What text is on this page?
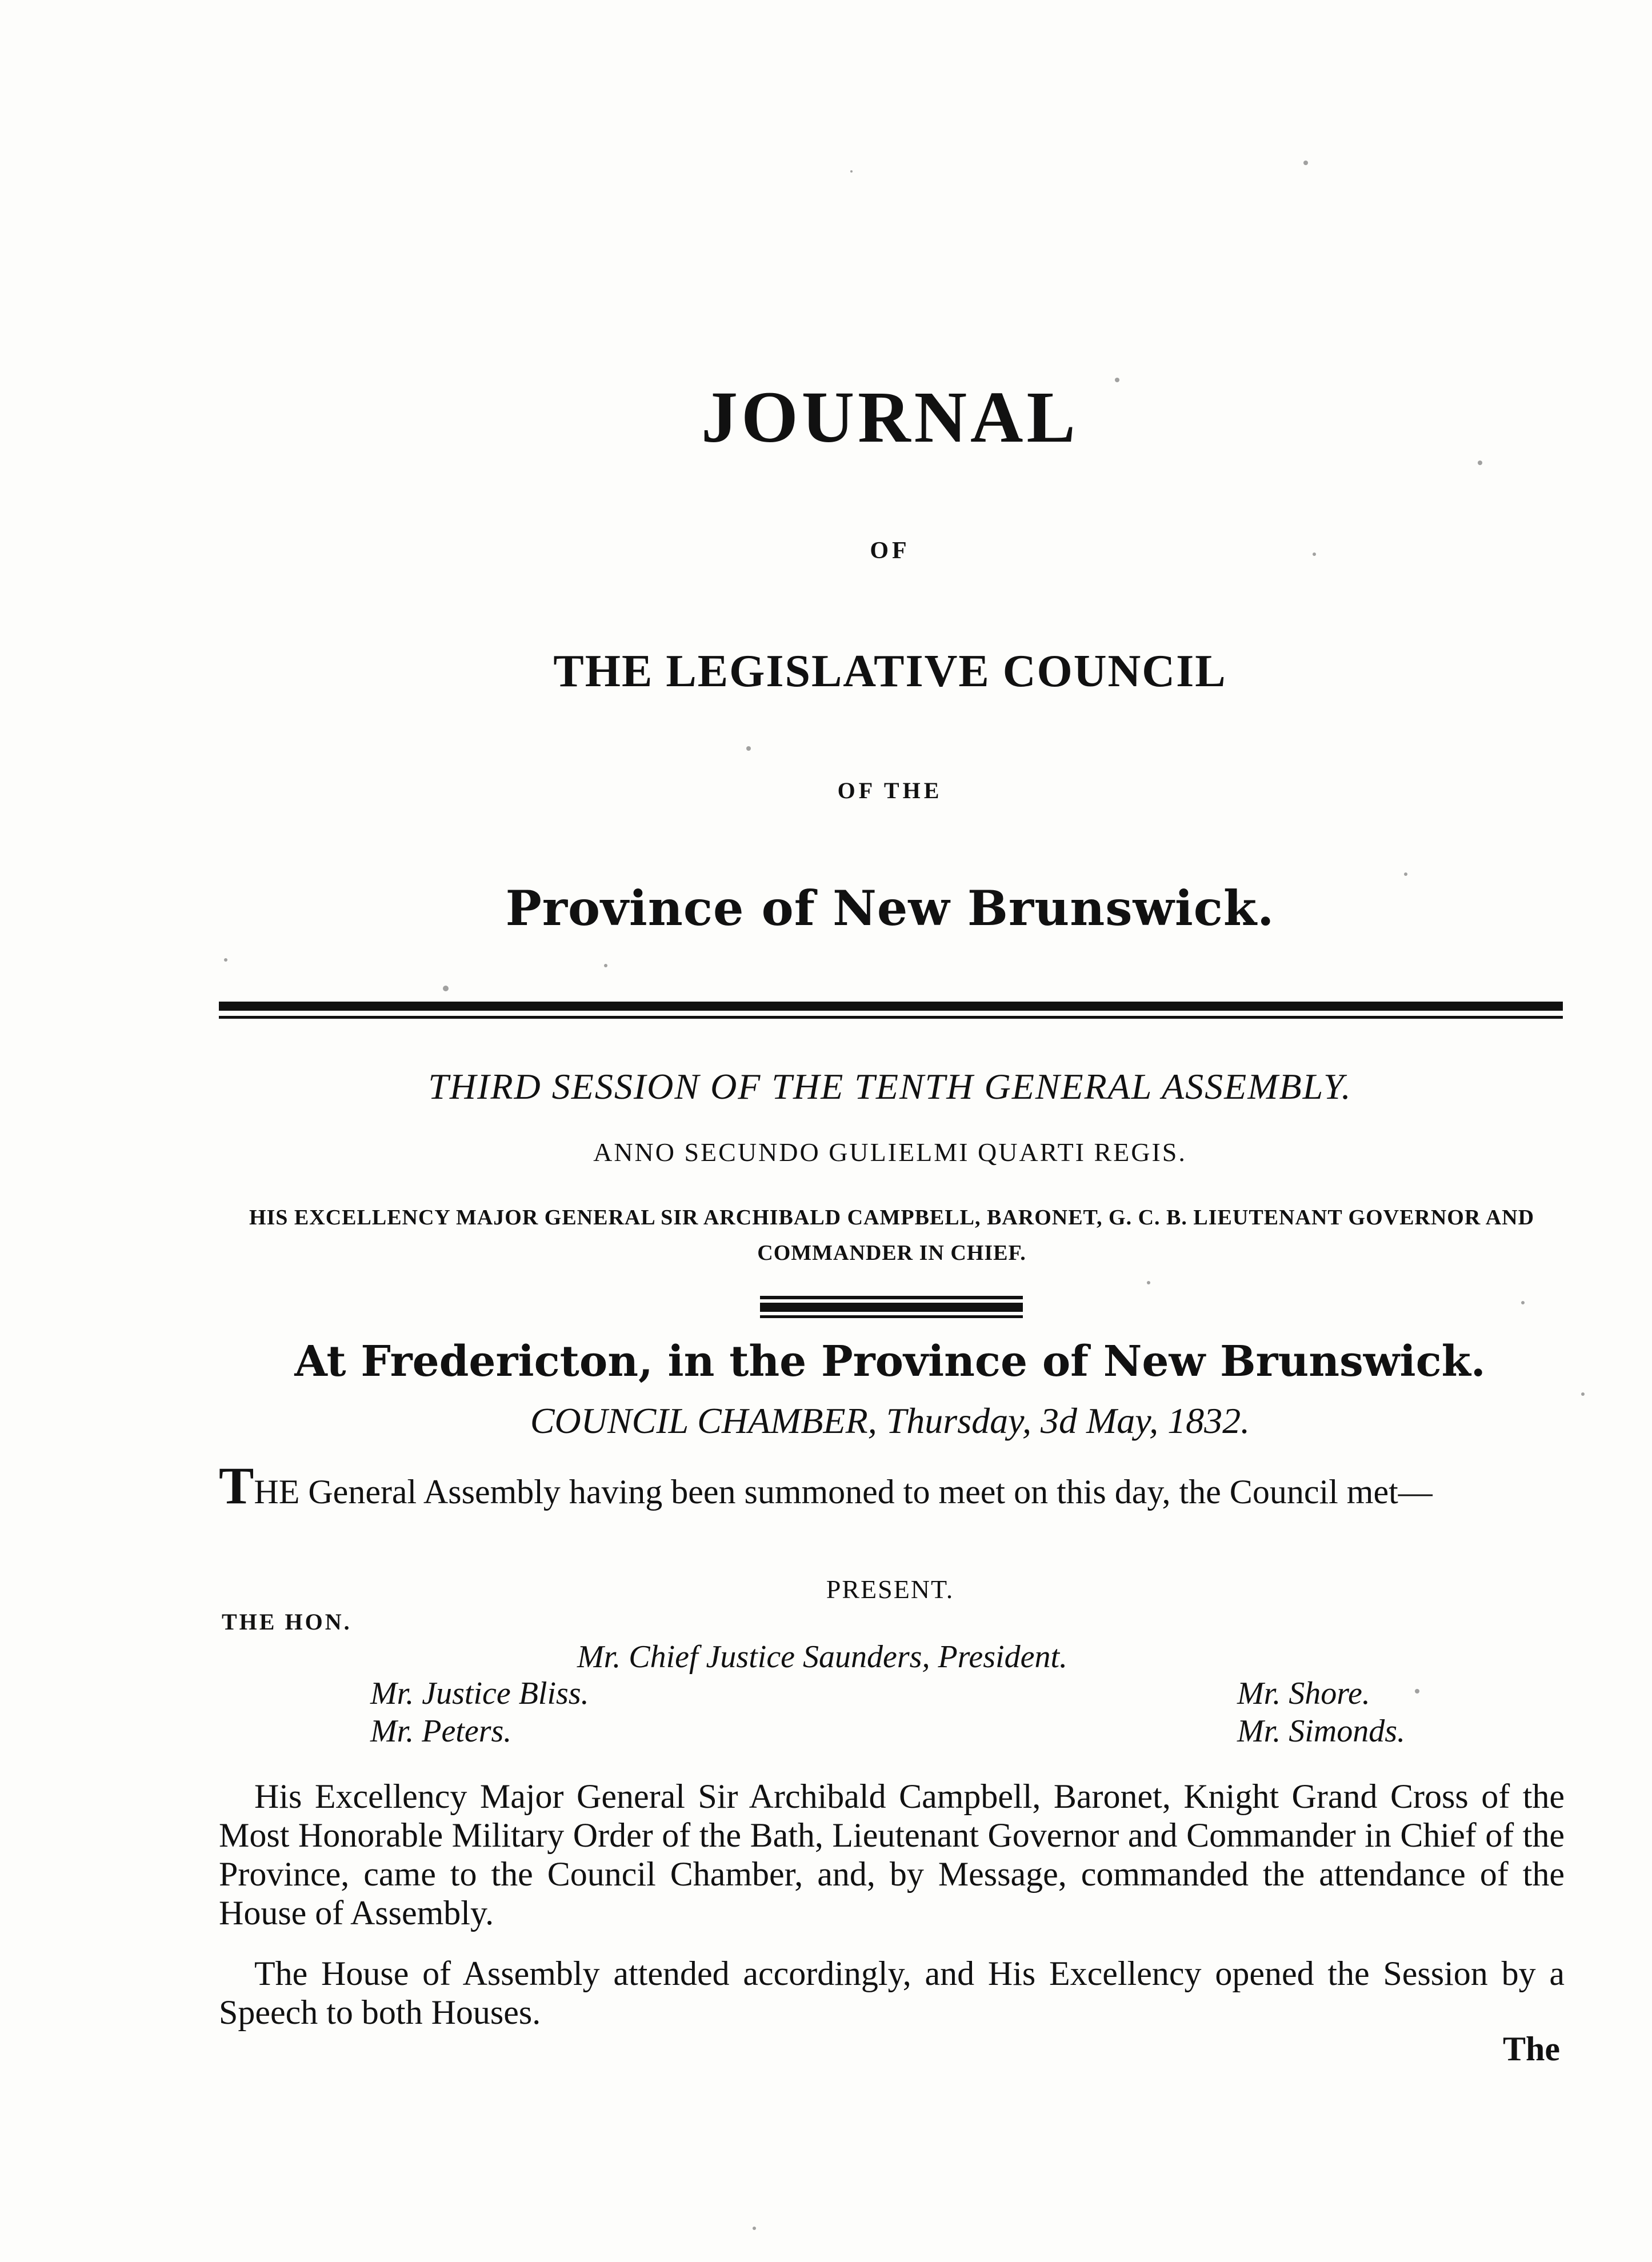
JOURNAL
OF
THE LEGISLATIVE COUNCIL
OF THE
Province of New Brunswick.
THIRD SESSION OF THE TENTH GENERAL ASSEMBLY.
ANNO SECUNDO GULIELMI QUARTI REGIS.
HIS EXCELLENCY MAJOR GENERAL SIR ARCHIBALD CAMPBELL, BARONET, G. C. B. LIEUTENANT GOVERNOR AND COMMANDER IN CHIEF.
At Fredericton, in the Province of New Brunswick.
COUNCIL CHAMBER, Thursday, 3d May, 1832.
THE General Assembly having been summoned to meet on this day, the Council met—
PRESENT.
THE HON.
Mr. Chief Justice Saunders, President.
Mr. Justice Bliss.
Mr. Peters.
Mr. Shore.
Mr. Simonds.
His Excellency Major General Sir Archibald Campbell, Baronet, Knight Grand Cross of the Most Honorable Military Order of the Bath, Lieutenant Governor and Commander in Chief of the Province, came to the Council Chamber, and, by Message, commanded the attendance of the House of Assembly.
The House of Assembly attended accordingly, and His Excellency opened the Session by a Speech to both Houses.
The
